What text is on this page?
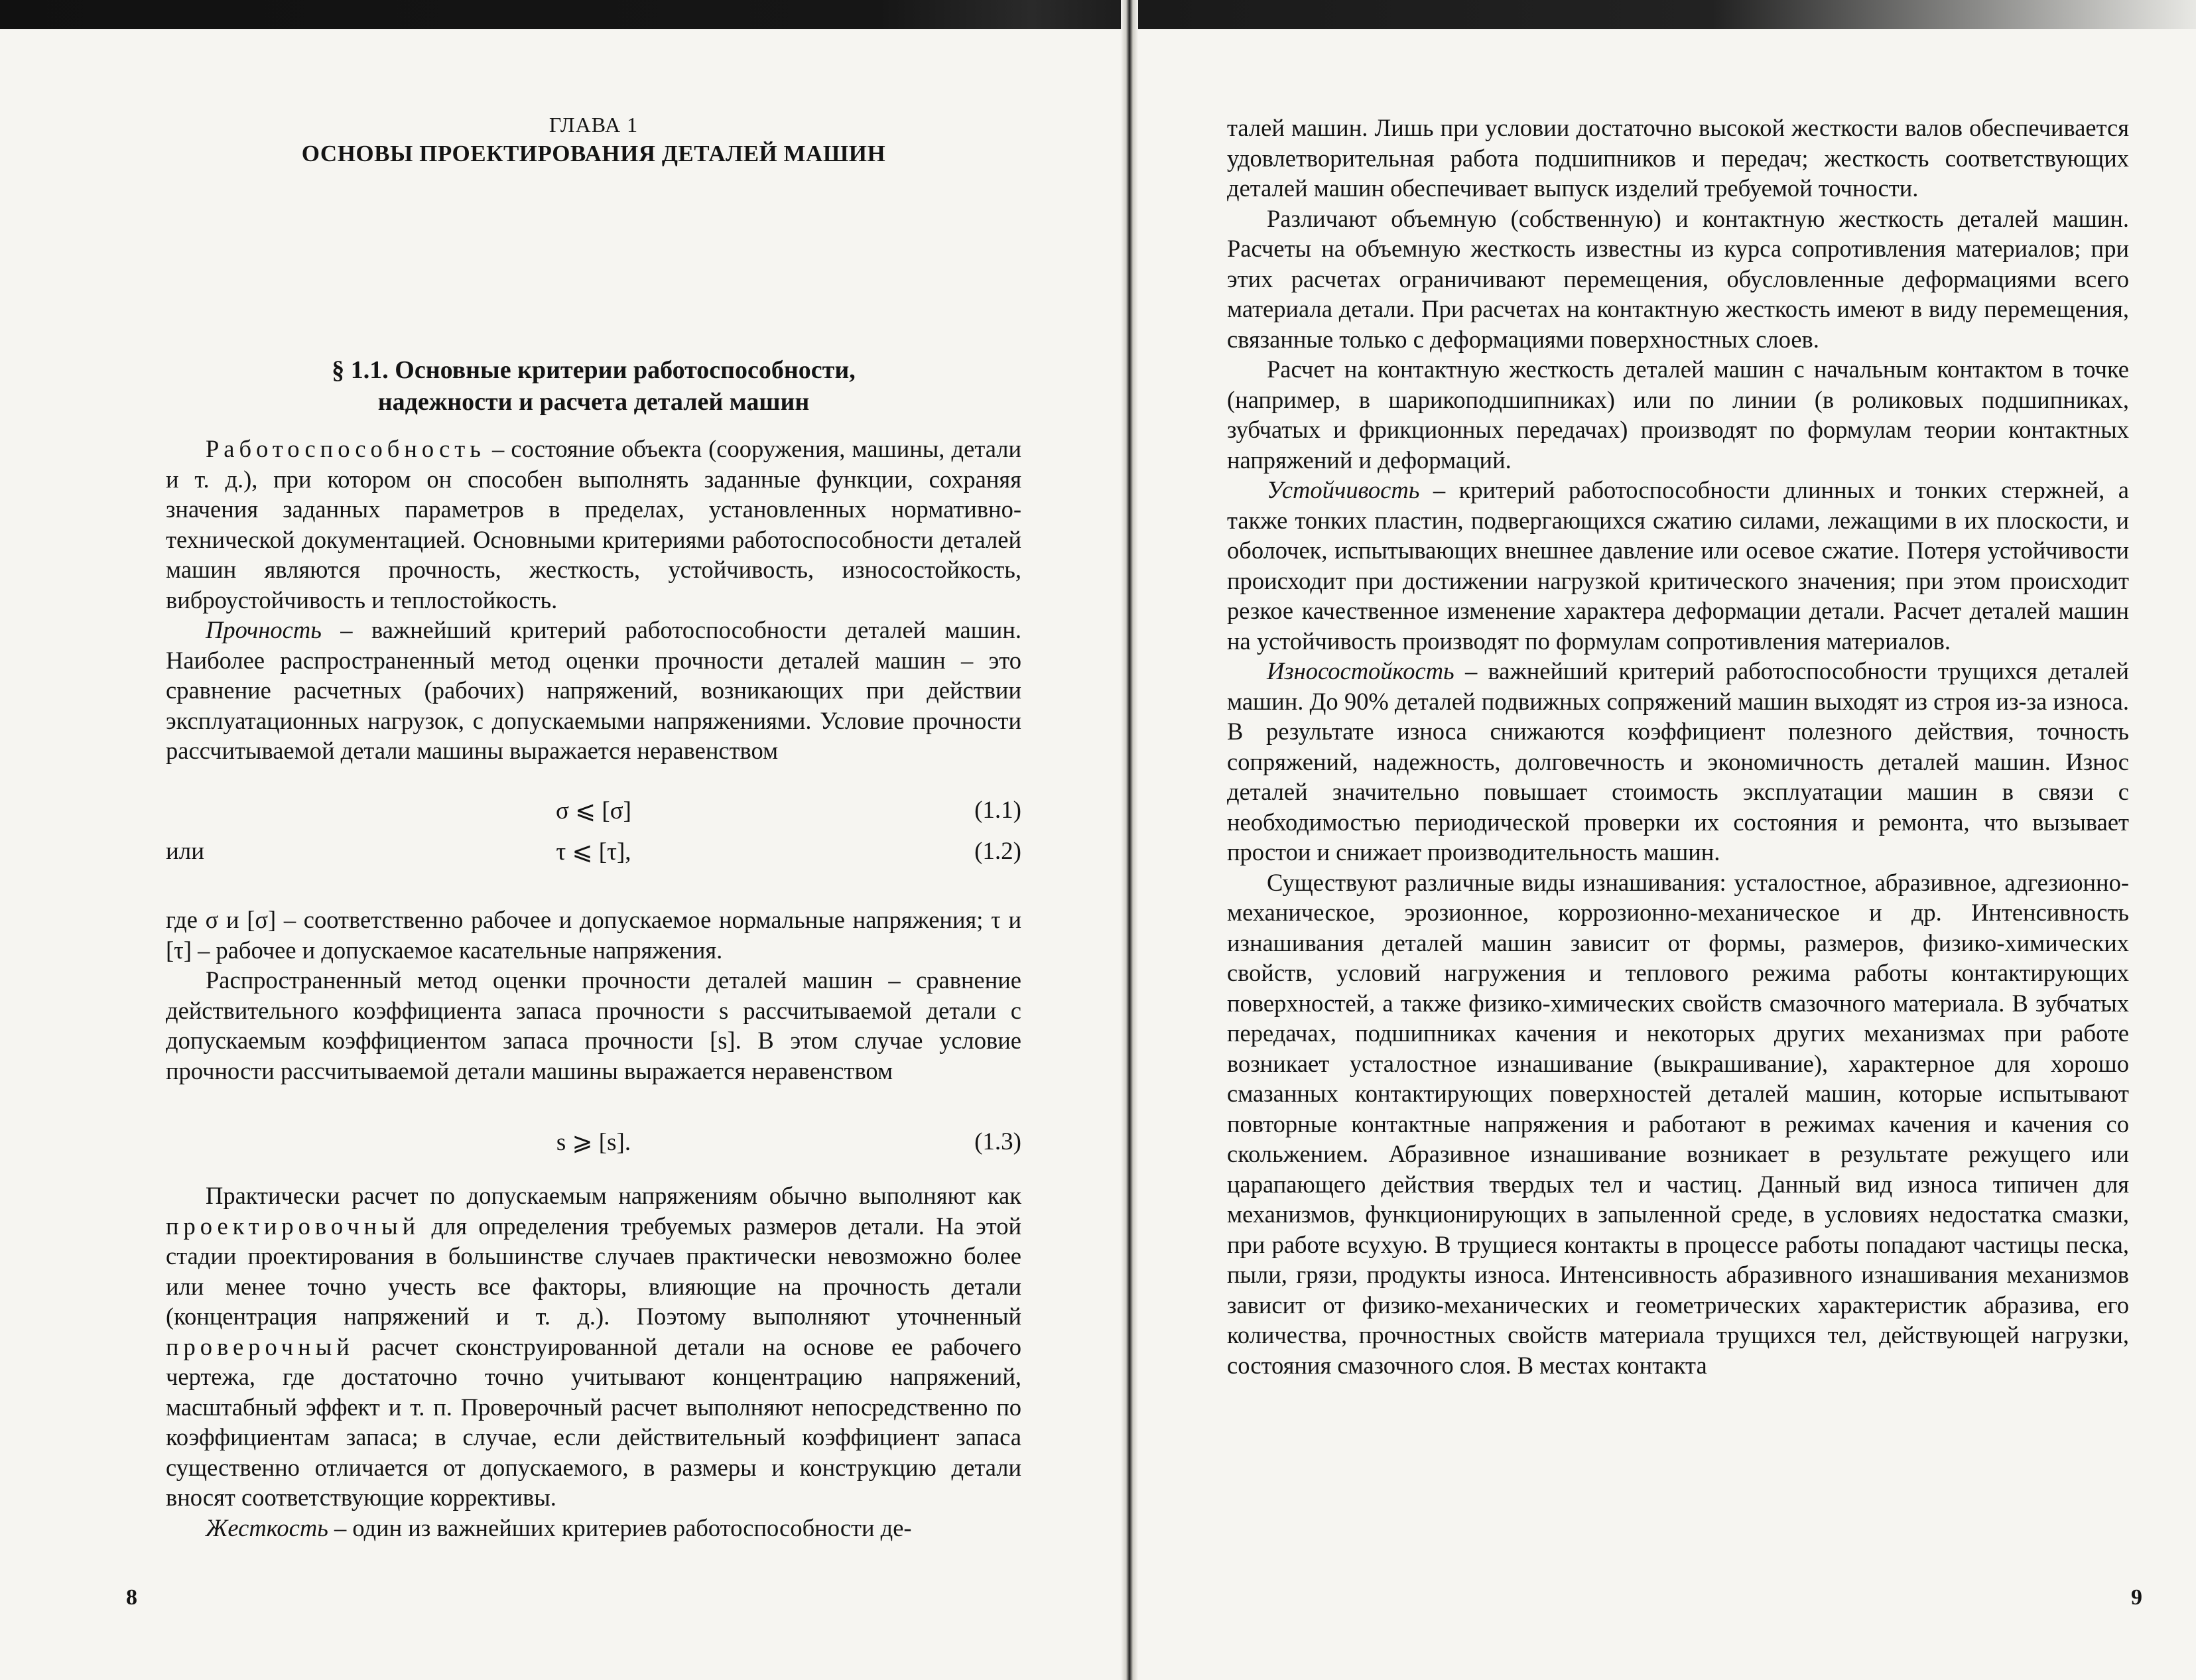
ГЛАВА 1
ОСНОВЫ ПРОЕКТИРОВАНИЯ ДЕТАЛЕЙ МАШИН
§ 1.1. Основные критерии работоспособности,
надежности и расчета деталей машин

Работоспособность – состояние объекта (сооружения, машины, детали и т. д.), при котором он способен выполнять заданные функции, сохраняя значения заданных параметров в пределах, установленных нормативно-технической документацией. Основными критериями работоспособности деталей машин являются прочность, жесткость, устойчивость, износостойкость, виброустойчивость и теплостойкость.

Прочность – важнейший критерий работоспособности деталей машин. Наиболее распространенный метод оценки прочности деталей машин – это сравнение расчетных (рабочих) напряжений, возникающих при действии эксплуатационных нагрузок, с допускаемыми напряжениями. Условие прочности рассчитываемой детали машины выражается неравенством

σ ⩽ [σ]	(1.1)
или	τ ⩽ [τ],	(1.2)

где σ и [σ] – соответственно рабочее и допускаемое нормальные напряжения; τ и [τ] – рабочее и допускаемое касательные напряжения.

Распространенный метод оценки прочности деталей машин – сравнение действительного коэффициента запаса прочности s рассчитываемой детали с допускаемым коэффициентом запаса прочности [s]. В этом случае условие прочности рассчитываемой детали машины выражается неравенством

s ⩾ [s].	(1.3)

Практически расчет по допускаемым напряжениям обычно выполняют как проектировочный для определения требуемых размеров детали. На этой стадии проектирования в большинстве случаев практически невозможно более или менее точно учесть все факторы, влияющие на прочность детали (концентрация напряжений и т. д.). Поэтому выполняют уточненный проверочный расчет сконструированной детали на основе ее рабочего чертежа, где достаточно точно учитывают концентрацию напряжений, масштабный эффект и т. п. Проверочный расчет выполняют непосредственно по коэффициентам запаса; в случае, если действительный коэффициент запаса существенно отличается от допускаемого, в размеры и конструкцию детали вносят соответствующие коррективы.

Жесткость – один из важнейших критериев работоспособности де-

8

талей машин. Лишь при условии достаточно высокой жесткости валов обеспечивается удовлетворительная работа подшипников и передач; жесткость соответствующих деталей машин обеспечивает выпуск изделий требуемой точности.

Различают объемную (собственную) и контактную жесткость деталей машин. Расчеты на объемную жесткость известны из курса сопротивления материалов; при этих расчетах ограничивают перемещения, обусловленные деформациями всего материала детали. При расчетах на контактную жесткость имеют в виду перемещения, связанные только с деформациями поверхностных слоев.

Расчет на контактную жесткость деталей машин с начальным контактом в точке (например, в шарикоподшипниках) или по линии (в роликовых подшипниках, зубчатых и фрикционных передачах) производят по формулам теории контактных напряжений и деформаций.

Устойчивость – критерий работоспособности длинных и тонких стержней, а также тонких пластин, подвергающихся сжатию силами, лежащими в их плоскости, и оболочек, испытывающих внешнее давление или осевое сжатие. Потеря устойчивости происходит при достижении нагрузкой критического значения; при этом происходит резкое качественное изменение характера деформации детали. Расчет деталей машин на устойчивость производят по формулам сопротивления материалов.

Износостойкость – важнейший критерий работоспособности трущихся деталей машин. До 90% деталей подвижных сопряжений машин выходят из строя из-за износа. В результате износа снижаются коэффициент полезного действия, точность сопряжений, надежность, долговечность и экономичность деталей машин. Износ деталей значительно повышает стоимость эксплуатации машин в связи с необходимостью периодической проверки их состояния и ремонта, что вызывает простои и снижает производительность машин.

Существуют различные виды изнашивания: усталостное, абразивное, адгезионно-механическое, эрозионное, коррозионно-механическое и др. Интенсивность изнашивания деталей машин зависит от формы, размеров, физико-химических свойств, условий нагружения и теплового режима работы контактирующих поверхностей, а также физико-химических свойств смазочного материала. В зубчатых передачах, подшипниках качения и некоторых других механизмах при работе возникает усталостное изнашивание (выкрашивание), характерное для хорошо смазанных контактирующих поверхностей деталей машин, которые испытывают повторные контактные напряжения и работают в режимах качения и качения со скольжением. Абразивное изнашивание возникает в результате режущего или царапающего действия твердых тел и частиц. Данный вид износа типичен для механизмов, функционирующих в запыленной среде, в условиях недостатка смазки, при работе всухую. В трущиеся контакты в процессе работы попадают частицы песка, пыли, грязи, продукты износа. Интенсивность абразивного изнашивания механизмов зависит от физико-механических и геометрических характеристик абразива, его количества, прочностных свойств материала трущихся тел, действующей нагрузки, состояния смазочного слоя. В местах контакта

9
